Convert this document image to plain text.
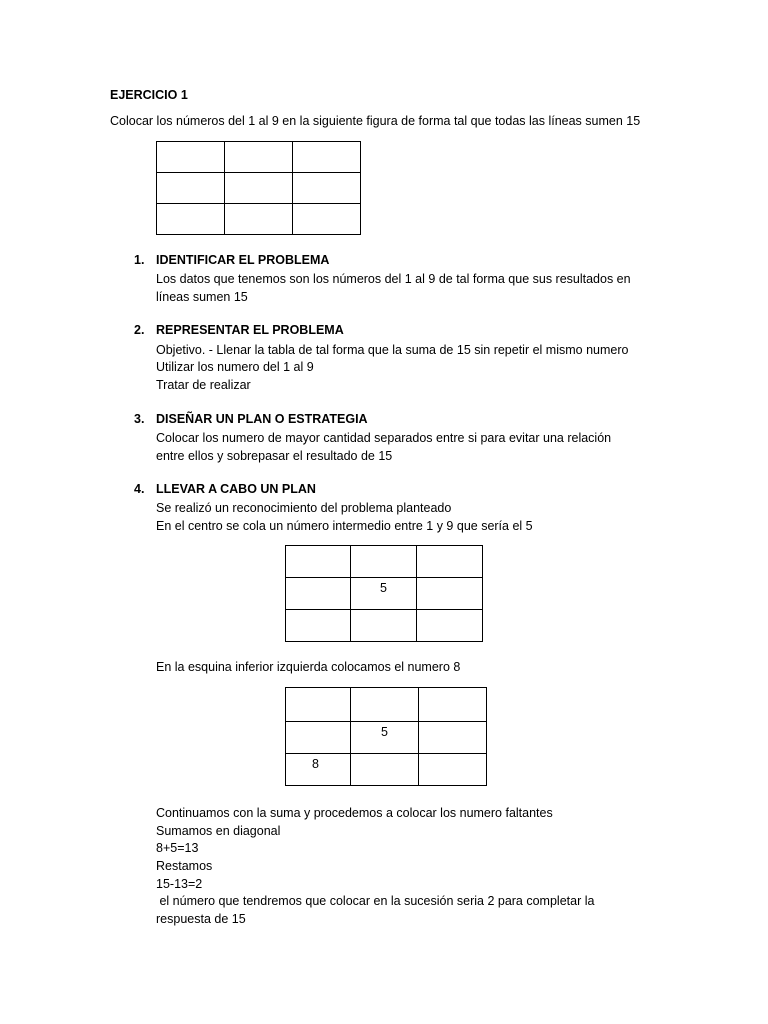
EJERCICIO 1
Colocar los números del 1 al 9 en la siguiente figura de forma tal que todas las líneas sumen 15

1. IDENTIFICAR EL PROBLEMA
Los datos que tenemos son los números del 1 al 9 de tal forma que sus resultados en
líneas sumen 15
2. REPRESENTAR EL PROBLEMA
Objetivo. - Llenar la tabla de tal forma que la suma de 15 sin repetir el mismo numero
Utilizar los numero del 1 al 9
Tratar de realizar
3. DISEÑAR UN PLAN O ESTRATEGIA
Colocar los numero de mayor cantidad separados entre si para evitar una relación
entre ellos y sobrepasar el resultado de 15
4. LLEVAR A CABO UN PLAN
Se realizó un reconocimiento del problema planteado
En el centro se cola un número intermedio entre 1 y 9 que sería el 5

	5	

En la esquina inferior izquierda colocamos el numero 8

	5	

8		

Continuamos con la suma y procedemos a colocar los numero faltantes
Sumamos en diagonal
8+5=13
Restamos
15-13=2
el número que tendremos que colocar en la sucesión seria 2 para completar la
respuesta de 15
